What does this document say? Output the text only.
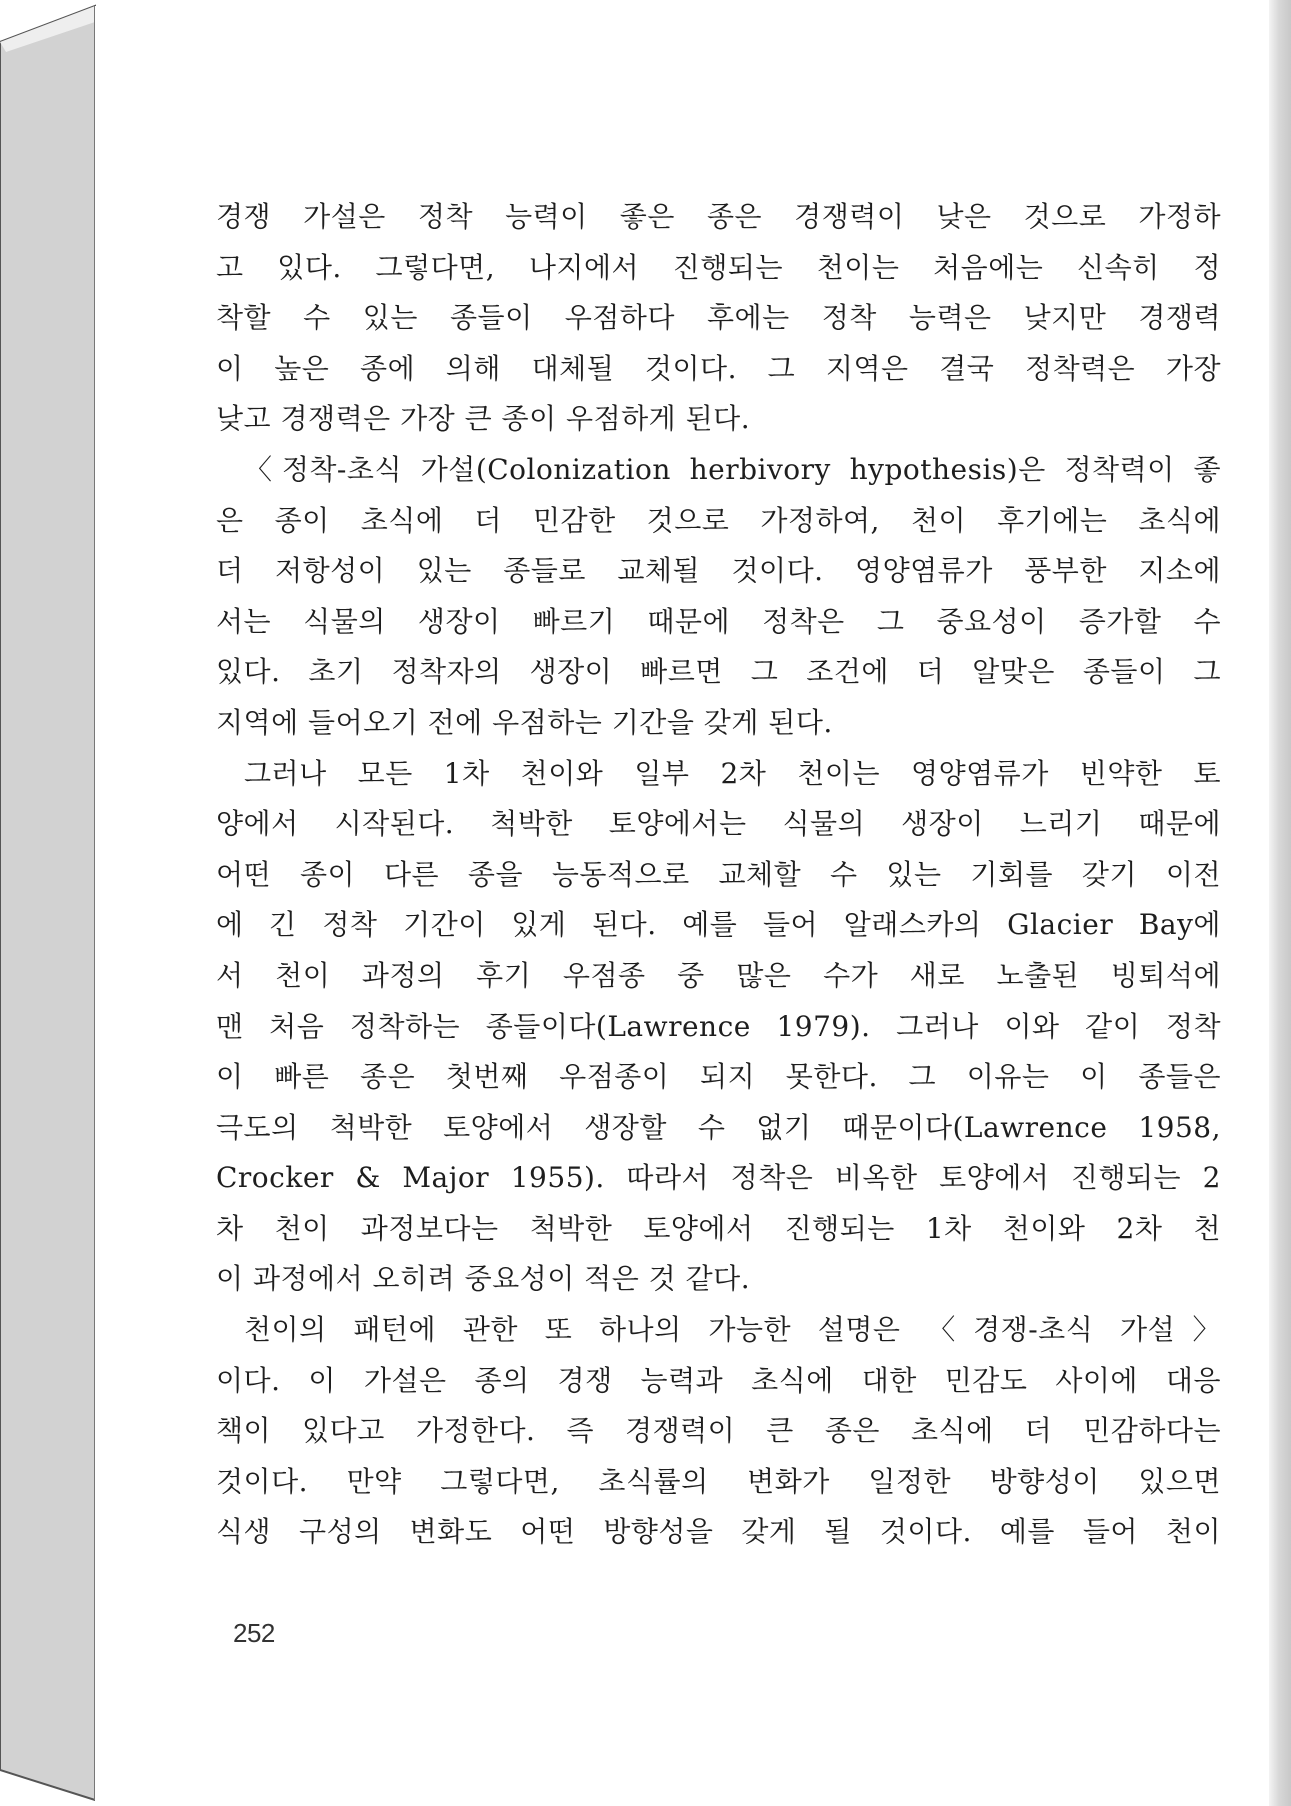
경쟁 가설은 정착 능력이 좋은 종은 경쟁력이 낮은 것으로 가정하
고 있다. 그렇다면, 나지에서 진행되는 천이는 처음에는 신속히 정
착할 수 있는 종들이 우점하다 후에는 정착 능력은 낮지만 경쟁력
이 높은 종에 의해 대체될 것이다. 그 지역은 결국 정착력은 가장
낮고 경쟁력은 가장 큰 종이 우점하게 된다.
〈정착-초식 가설(Colonization herbivory hypothesis)은 정착력이 좋
은 종이 초식에 더 민감한 것으로 가정하여, 천이 후기에는 초식에
더 저항성이 있는 종들로 교체될 것이다. 영양염류가 풍부한 지소에
서는 식물의 생장이 빠르기 때문에 정착은 그 중요성이 증가할 수
있다. 초기 정착자의 생장이 빠르면 그 조건에 더 알맞은 종들이 그
지역에 들어오기 전에 우점하는 기간을 갖게 된다.
그러나 모든 1차 천이와 일부 2차 천이는 영양염류가 빈약한 토
양에서 시작된다. 척박한 토양에서는 식물의 생장이 느리기 때문에
어떤 종이 다른 종을 능동적으로 교체할 수 있는 기회를 갖기 이전
에 긴 정착 기간이 있게 된다. 예를 들어 알래스카의 Glacier Bay에
서 천이 과정의 후기 우점종 중 많은 수가 새로 노출된 빙퇴석에
맨 처음 정착하는 종들이다(Lawrence 1979). 그러나 이와 같이 정착
이 빠른 종은 첫번째 우점종이 되지 못한다. 그 이유는 이 종들은
극도의 척박한 토양에서 생장할 수 없기 때문이다(Lawrence 1958,
Crocker & Major 1955). 따라서 정착은 비옥한 토양에서 진행되는 2
차 천이 과정보다는 척박한 토양에서 진행되는 1차 천이와 2차 천
이 과정에서 오히려 중요성이 적은 것 같다.
천이의 패턴에 관한 또 하나의 가능한 설명은 〈경쟁-초식 가설〉
이다. 이 가설은 종의 경쟁 능력과 초식에 대한 민감도 사이에 대응
책이 있다고 가정한다. 즉 경쟁력이 큰 종은 초식에 더 민감하다는
것이다. 만약 그렇다면, 초식률의 변화가 일정한 방향성이 있으면
식생 구성의 변화도 어떤 방향성을 갖게 될 것이다. 예를 들어 천이
252
